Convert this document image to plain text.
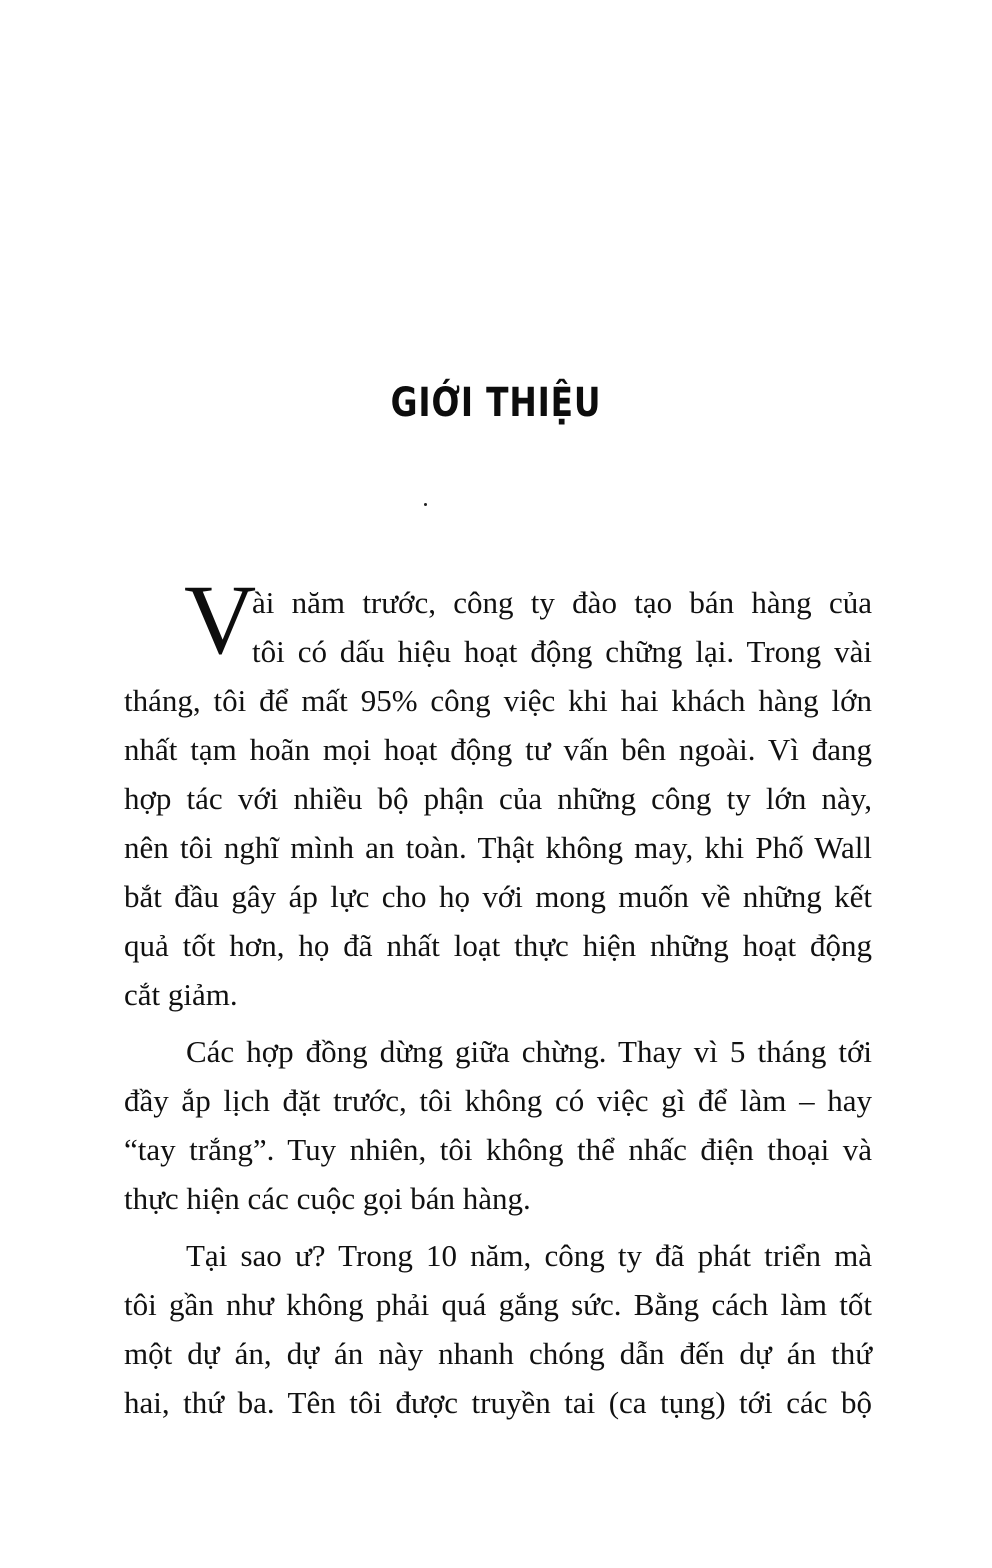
GIỚI THIỆU
V
ài năm trước, công ty đào tạo bán hàng của
tôi có dấu hiệu hoạt động chững lại. Trong vài
tháng, tôi để mất 95% công việc khi hai khách hàng lớn
nhất tạm hoãn mọi hoạt động tư vấn bên ngoài. Vì đang
hợp tác với nhiều bộ phận của những công ty lớn này,
nên tôi nghĩ mình an toàn. Thật không may, khi Phố Wall
bắt đầu gây áp lực cho họ với mong muốn về những kết
quả tốt hơn, họ đã nhất loạt thực hiện những hoạt động
cắt giảm.
Các hợp đồng dừng giữa chừng. Thay vì 5 tháng tới
đầy ắp lịch đặt trước, tôi không có việc gì để làm – hay
“tay trắng”. Tuy nhiên, tôi không thể nhấc điện thoại và
thực hiện các cuộc gọi bán hàng.
Tại sao ư? Trong 10 năm, công ty đã phát triển mà
tôi gần như không phải quá gắng sức. Bằng cách làm tốt
một dự án, dự án này nhanh chóng dẫn đến dự án thứ
hai, thứ ba. Tên tôi được truyền tai (ca tụng) tới các bộ
